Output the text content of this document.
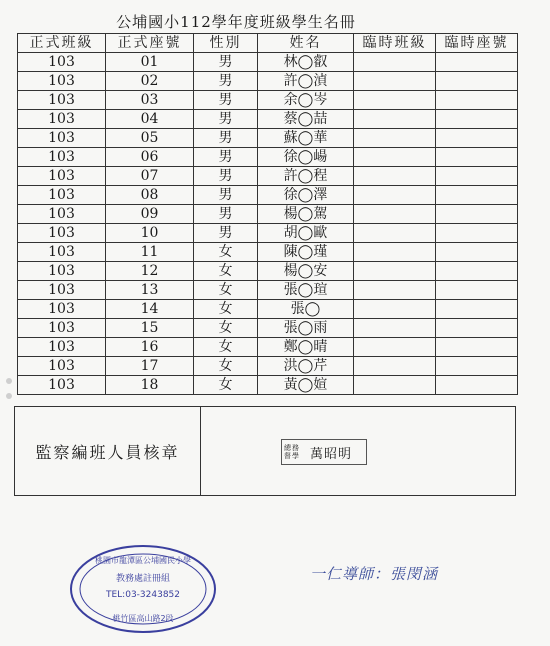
公埔國小112學年度班級學生名冊
正式班級	正式座號	性別	姓名	臨時班級	臨時座號
103	01	男	林◯叡		
103	02	男	許◯湞		
103	03	男	余◯岑		
103	04	男	蔡◯喆		
103	05	男	蘇◯華		
103	06	男	徐◯崵		
103	07	男	許◯程		
103	08	男	徐◯澤		
103	09	男	楊◯駕		
103	10	男	胡◯歐		
103	11	女	陳◯瑾		
103	12	女	楊◯安		
103	13	女	張◯瑄		
103	14	女	張◯		
103	15	女	張◯雨		
103	16	女	鄭◯晴		
103	17	女	洪◯芹		
103	18	女	黃◯媗		
監察編班人員核章	總務 督學 萬昭明
桃園市龍潭區公埔國民小學
教務處註冊組
TEL:03-3243852
桃竹區高山路2段
一仁導師：張閔涵
